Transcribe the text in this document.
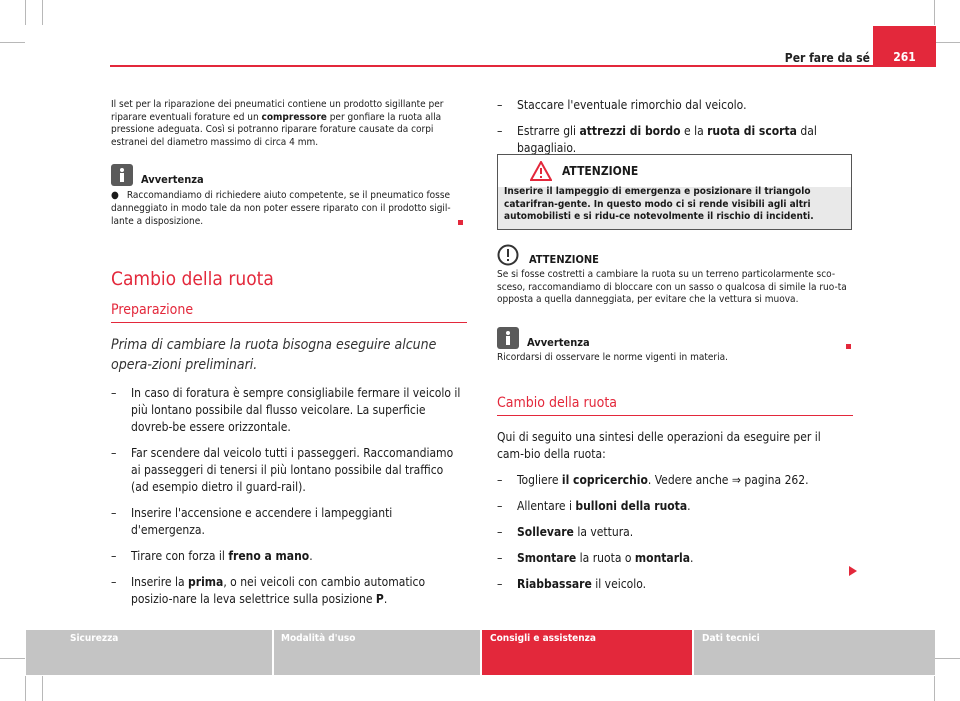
261
Per fare da sé

Il set per la riparazione dei pneumatici contiene un prodotto sigillante per
riparare eventuali forature ed un compressore per gonfiare la ruota alla
pressione adeguata. Così si potranno riparare forature causate da corpi
estranei del diametro massimo di circa 4 mm.

Avvertenza

● Raccomandiamo di richiedere aiuto competente, se il pneumatico fosse danneggiato in modo tale da non poter essere riparato con il prodotto sigil-lante a disposizione.

Cambio della ruota
Preparazione

Prima di cambiare la ruota bisogna eseguire alcune opera-zioni preliminari.

– In caso di foratura è sempre consigliabile fermare il veicolo il più lontano possibile dal flusso veicolare. La superficie dovreb-be essere orizzontale.
– Far scendere dal veicolo tutti i passeggeri. Raccomandiamo ai passeggeri di tenersi il più lontano possibile dal traffico (ad esempio dietro il guard-rail).
– Inserire l'accensione e accendere i lampeggianti d'emergenza.
– Tirare con forza il freno a mano.
– Inserire la prima, o nei veicoli con cambio automatico posizio-nare la leva selettrice sulla posizione P.
– Staccare l'eventuale rimorchio dal veicolo.
– Estrarre gli attrezzi di bordo e la ruota di scorta dal bagagliaio.
ATTENZIONE

Inserire il lampeggio di emergenza e posizionare il triangolo catarifran-gente. In questo modo ci si rende visibili agli altri automobilisti e si ridu-ce notevolmente il rischio di incidenti.

ATTENZIONE

Se si fosse costretti a cambiare la ruota su un terreno particolarmente sco-sceso, raccomandiamo di bloccare con un sasso o qualcosa di simile la ruo-ta opposta a quella danneggiata, per evitare che la vettura si muova.

Avvertenza

Ricordarsi di osservare le norme vigenti in materia.

Cambio della ruota

Qui di seguito una sintesi delle operazioni da eseguire per il cam-bio della ruota:

– Togliere il copricerchio. Vedere anche ⇒ pagina 262.
– Allentare i bulloni della ruota.
– Sollevare la vettura.
– Smontare la ruota o montarla.
– Riabbassare il veicolo.
Sicurezza	Modalità d'uso	Consigli e assistenza	Dati tecnici
